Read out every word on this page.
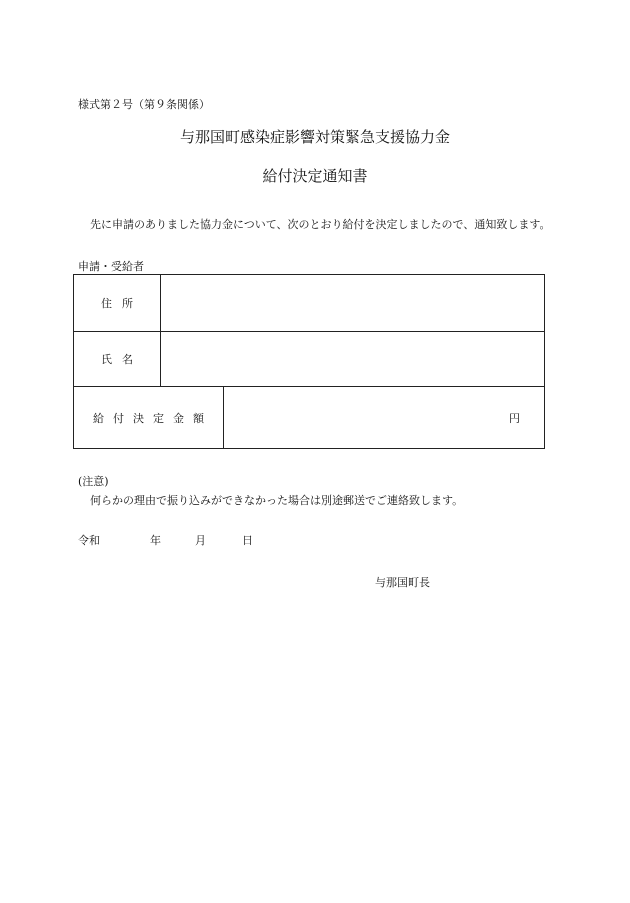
様式第２号（第９条関係）
与那国町感染症影響対策緊急支援協力金
給付決定通知書
先に申請のありました協力金について、次のとおり給付を決定しましたので、通知致します。
申請・受給者
住所
氏名
給付決定金額	円
(注意)
何らかの理由で振り込みができなかった場合は別途郵送でご連絡致します。
令和	年	月	日
与那国町長
